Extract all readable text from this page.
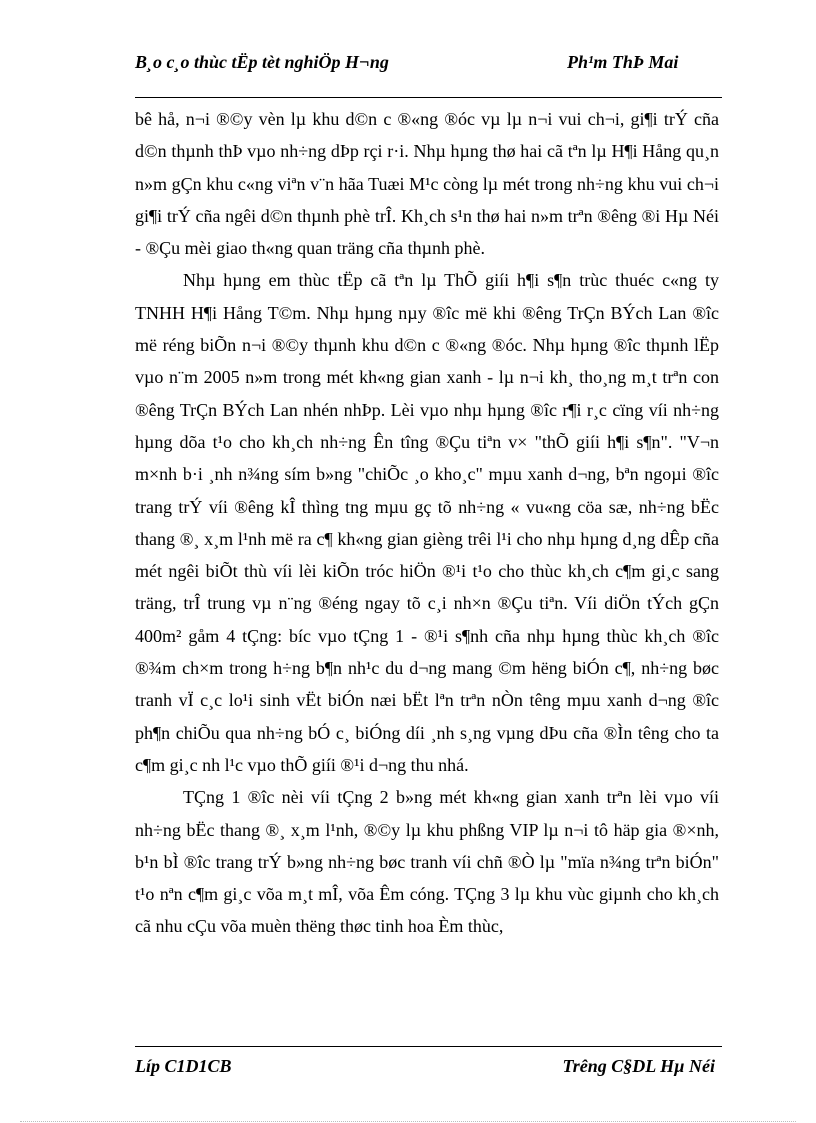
B¸o c¸o thùc tËp tèt nghiÖp H¬ng	Ph¹m ThÞ Mai

bê hå, n¬i ®©y vèn lµ khu d©n c ®«ng ®óc vµ lµ n¬i vui ch¬i, gi¶i trÝ cña d©n thµnh thÞ vµo nh÷ng dÞp rçi r·i. Nhµ hµng thø hai cã tªn lµ H¶i Hång qu¸n n»m gÇn khu c«ng viªn v¨n hãa Tuæi M¹c còng lµ mét trong nh÷ng khu vui ch¬i gi¶i trÝ cña ngêi d©n thµnh phè trÎ. Kh¸ch s¹n thø hai n»m trªn ®êng ®i Hµ Néi - ®Çu mèi giao th«ng quan träng cña thµnh phè.

Nhµ hµng em thùc tËp cã tªn lµ ThÕ giíi h¶i s¶n trùc thuéc c«ng ty TNHH H¶i Hång T©m. Nhµ hµng nµy ®îc më khi ®êng TrÇn BÝch Lan ®îc më réng biÕn n¬i ®©y thµnh khu d©n c ®«ng ®óc. Nhµ hµng ®îc thµnh lËp vµo n¨m 2005 n»m trong mét kh«ng gian xanh - lµ n¬i kh¸ tho¸ng m¸t trªn con ®êng TrÇn BÝch Lan nhén nhÞp. Lèi vµo nhµ hµng ®îc r¶i r¸c cïng víi nh÷ng hµng dõa t¹o cho kh¸ch nh÷ng Ên tîng ®Çu tiªn v× "thÕ giíi h¶i s¶n". "V¬n m×nh b·i ¸nh n¾ng sím b»ng "chiÕc ¸o kho¸c" mµu xanh d¬ng, bªn ngoµi ®îc trang trÝ víi ®êng kÎ thìng tng mµu gç tõ nh÷ng « vu«ng cöa sæ, nh÷ng bËc thang ®¸ x¸m l¹nh më ra c¶ kh«ng gian gièng trêi l¹i cho nhµ hµng d¸ng dÊp cña mét ngêi biÕt thù víi lèi kiÕn tróc hiÖn ®¹i t¹o cho thùc kh¸ch c¶m gi¸c sang träng, trÎ trung vµ n¨ng ®éng ngay tõ c¸i nh×n ®Çu tiªn. Víi diÖn tÝch gÇn 400m² gåm 4 tÇng: bíc vµo tÇng 1 - ®¹i s¶nh cña nhµ hµng thùc kh¸ch ®îc ®¾m ch×m trong h÷ng b¶n nh¹c du d¬ng mang ©m hëng biÓn c¶, nh÷ng bøc tranh vÏ c¸c lo¹i sinh vËt biÓn næi bËt lªn trªn nÒn têng mµu xanh d¬ng ®îc ph¶n chiÕu qua nh÷ng bÓ c¸ biÓng díi ¸nh s¸ng vµng dÞu cña ®Ìn têng cho ta c¶m gi¸c nh l¹c vµo thÕ giíi ®¹i d¬ng thu nhá.

TÇng 1 ®îc nèi víi tÇng 2 b»ng mét kh«ng gian xanh trªn lèi vµo víi nh÷ng bËc thang ®¸ x¸m l¹nh, ®©y lµ khu phßng VIP lµ n¬i tô häp gia ®×nh, b¹n bÌ ®îc trang trÝ b»ng nh÷ng bøc tranh víi chñ ®Ò lµ "mïa n¾ng trªn biÓn" t¹o nªn c¶m gi¸c võa m¸t mÎ, võa Êm cóng. TÇng 3 lµ khu vùc giµnh cho kh¸ch cã nhu cÇu võa muèn thëng thøc tinh hoa Èm thùc,

Líp C1D1CB	Trêng C§DL Hµ Néi
